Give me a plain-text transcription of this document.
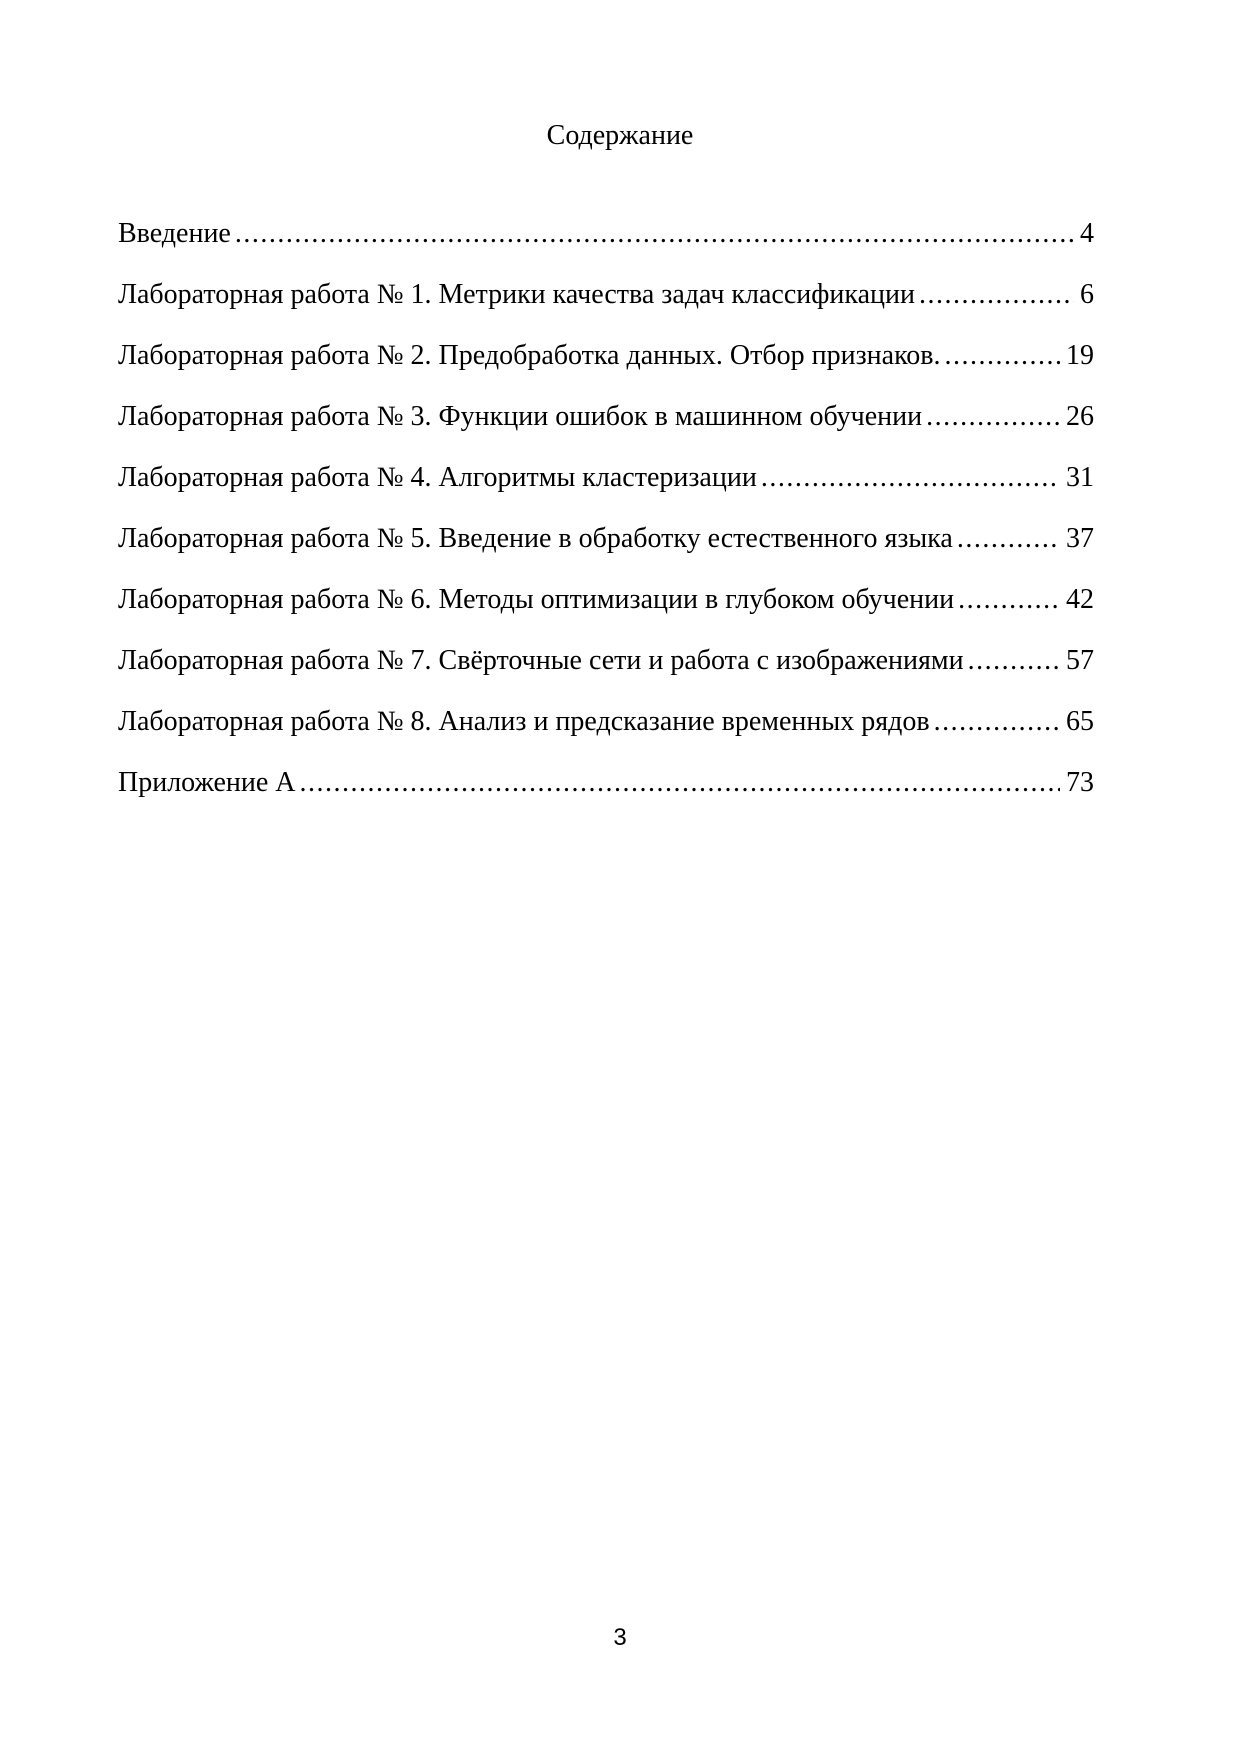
Содержание
Введение .....	4
Лабораторная работа № 1. Метрики качества задач классификации .....	6
Лабораторная работа № 2. Предобработка данных. Отбор признаков. .....	19
Лабораторная работа № 3. Функции ошибок в машинном обучении .....	26
Лабораторная работа № 4. Алгоритмы кластеризации .....	31
Лабораторная работа № 5. Введение в обработку естественного языка .....	37
Лабораторная работа № 6. Методы оптимизации в глубоком обучении .....	42
Лабораторная работа № 7. Свёрточные сети и работа с изображениями .....	57
Лабораторная работа № 8. Анализ и предсказание временных рядов .....	65
Приложение А .....	73
3
